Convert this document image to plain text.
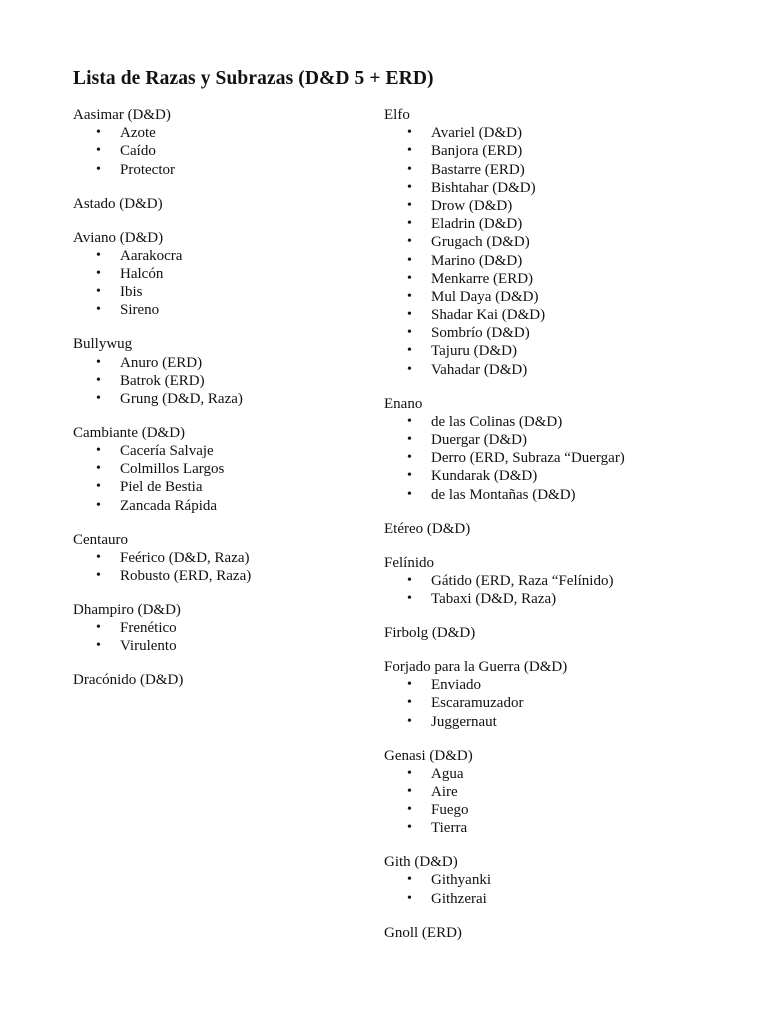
Lista de Razas y Subrazas (D&D 5 + ERD)
Aasimar (D&D)
• Azote
• Caído
• Protector
Astado (D&D)
Aviano (D&D)
• Aarakocra
• Halcón
• Ibis
• Sireno
Bullywug
• Anuro (ERD)
• Batrok (ERD)
• Grung (D&D, Raza)
Cambiante (D&D)
• Cacería Salvaje
• Colmillos Largos
• Piel de Bestia
• Zancada Rápida
Centauro
• Feérico (D&D, Raza)
• Robusto (ERD, Raza)
Dhampiro (D&D)
• Frenético
• Virulento
Dracónido (D&D)
Elfo
• Avariel (D&D)
• Banjora (ERD)
• Bastarre (ERD)
• Bishtahar (D&D)
• Drow (D&D)
• Eladrin (D&D)
• Grugach (D&D)
• Marino (D&D)
• Menkarre (ERD)
• Mul Daya (D&D)
• Shadar Kai (D&D)
• Sombrío (D&D)
• Tajuru (D&D)
• Vahadar (D&D)
Enano
• de las Colinas (D&D)
• Duergar (D&D)
• Derro (ERD, Subraza “Duergar)
• Kundarak (D&D)
• de las Montañas (D&D)
Etéreo (D&D)
Felínido
• Gátido (ERD, Raza “Felínido)
• Tabaxi (D&D, Raza)
Firbolg (D&D)
Forjado para la Guerra (D&D)
• Enviado
• Escaramuzador
• Juggernaut
Genasi (D&D)
• Agua
• Aire
• Fuego
• Tierra
Gith (D&D)
• Githyanki
• Githzerai
Gnoll (ERD)
